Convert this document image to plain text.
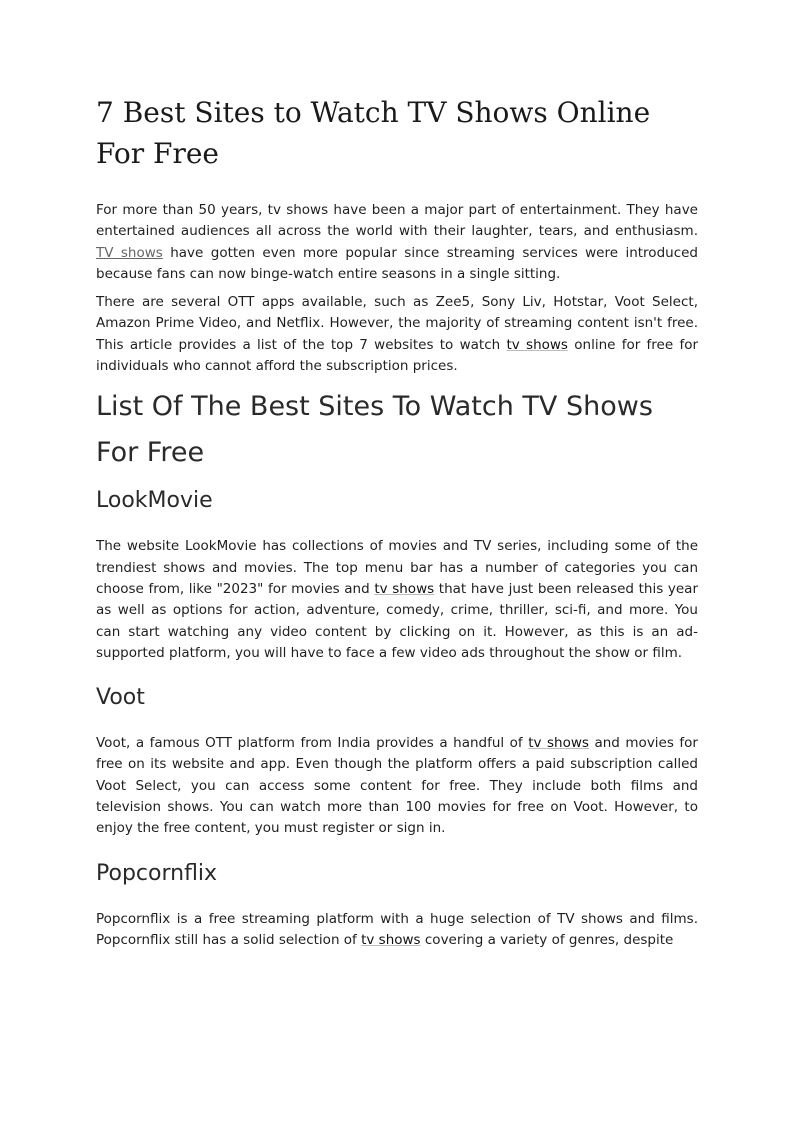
7 Best Sites to Watch TV Shows Online For Free

For more than 50 years, tv shows have been a major part of entertainment. They have entertained audiences all across the world with their laughter, tears, and enthusiasm. TV shows have gotten even more popular since streaming services were introduced because fans can now binge-watch entire seasons in a single sitting.

There are several OTT apps available, such as Zee5, Sony Liv, Hotstar, Voot Select, Amazon Prime Video, and Netflix. However, the majority of streaming content isn't free. This article provides a list of the top 7 websites to watch tv shows online for free for individuals who cannot afford the subscription prices.

List Of The Best Sites To Watch TV Shows For Free
LookMovie

The website LookMovie has collections of movies and TV series, including some of the trendiest shows and movies. The top menu bar has a number of categories you can choose from, like "2023" for movies and tv shows that have just been released this year as well as options for action, adventure, comedy, crime, thriller, sci-fi, and more. You can start watching any video content by clicking on it. However, as this is an ad-supported platform, you will have to face a few video ads throughout the show or film.

Voot

Voot, a famous OTT platform from India provides a handful of tv shows and movies for free on its website and app. Even though the platform offers a paid subscription called Voot Select, you can access some content for free. They include both films and television shows. You can watch more than 100 movies for free on Voot. However, to enjoy the free content, you must register or sign in.

Popcornflix

Popcornflix is a free streaming platform with a huge selection of TV shows and films. Popcornflix still has a solid selection of tv shows covering a variety of genres, despite
